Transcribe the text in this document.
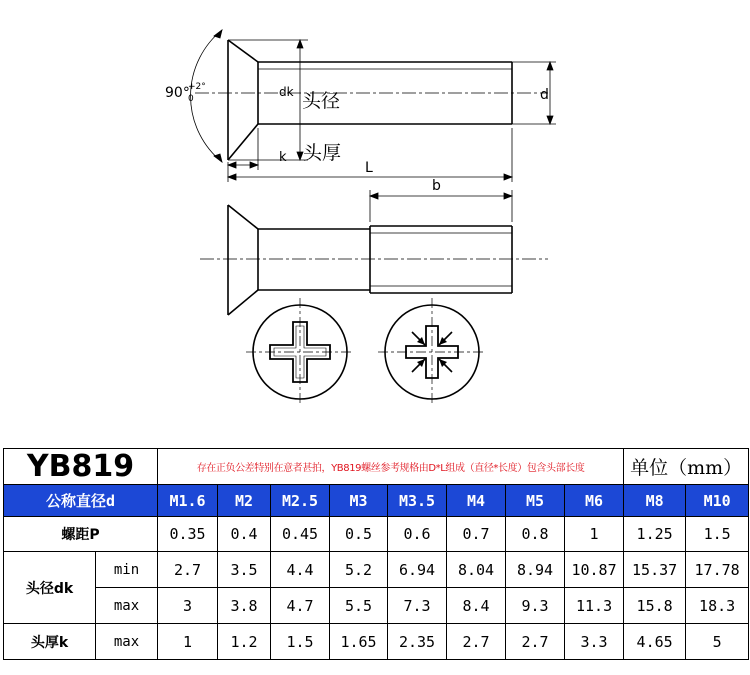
90°
+2°
0	dk 头径
k 头厚
d
L
b
YB819		存在正负公差特别在意者甚拍，YB819螺丝参考规格由D*L组成（直径*长度）包含头部长度								单位（mm）	
公称直径d		M1.6	M2	M2.5	M3	M3.5	M4	M5	M6	M8	M10
螺距P		0.35	0.4	0.45	0.5	0.6	0.7	0.8	1	1.25	1.5
头径dk	min	2.7	3.5	4.4	5.2	6.94	8.04	8.94	10.87	15.37	17.78
	max	3	3.8	4.7	5.5	7.3	8.4	9.3	11.3	15.8	18.3
头厚k	max	1	1.2	1.5	1.65	2.35	2.7	2.7	3.3	4.65	5
